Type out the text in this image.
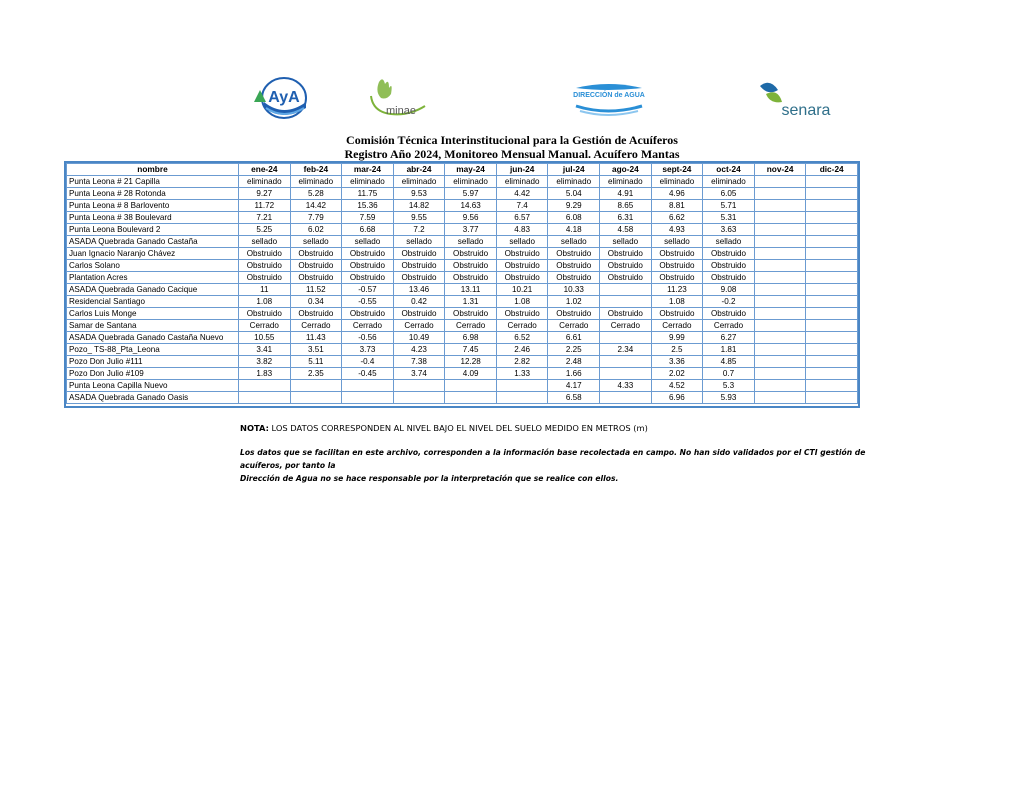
AyA
minae
DIRECCIÓN de AGUA
senara
Comisión Técnica Interinstitucional para la Gestión de Acuíferos
Registro Año 2024, Monitoreo Mensual Manual. Acuífero Mantas
nombre	ene-24	feb-24	mar-24	abr-24	may-24	jun-24	jul-24	ago-24	sept-24	oct-24	nov-24	dic-24
Punta Leona # 21 Capilla	eliminado	eliminado	eliminado	eliminado	eliminado	eliminado	eliminado	eliminado	eliminado	eliminado		
Punta Leona # 28 Rotonda	9.27	5.28	11.75	9.53	5.97	4.42	5.04	4.91	4.96	6.05		
Punta Leona # 8 Barlovento	11.72	14.42	15.36	14.82	14.63	7.4	9.29	8.65	8.81	5.71		
Punta Leona # 38 Boulevard	7.21	7.79	7.59	9.55	9.56	6.57	6.08	6.31	6.62	5.31		
Punta Leona Boulevard 2	5.25	6.02	6.68	7.2	3.77	4.83	4.18	4.58	4.93	3.63		
ASADA Quebrada Ganado Castaña	sellado	sellado	sellado	sellado	sellado	sellado	sellado	sellado	sellado	sellado		
Juan Ignacio Naranjo Chávez	Obstruido	Obstruido	Obstruido	Obstruido	Obstruido	Obstruido	Obstruido	Obstruido	Obstruido	Obstruido		
Carlos Solano	Obstruido	Obstruido	Obstruido	Obstruido	Obstruido	Obstruido	Obstruido	Obstruido	Obstruido	Obstruido		
Plantation Acres	Obstruido	Obstruido	Obstruido	Obstruido	Obstruido	Obstruido	Obstruido	Obstruido	Obstruido	Obstruido		
ASADA Quebrada Ganado Cacique	11	11.52	-0.57	13.46	13.11	10.21	10.33		11.23	9.08		
Residencial Santiago	1.08	0.34	-0.55	0.42	1.31	1.08	1.02		1.08	-0.2		
Carlos Luis Monge	Obstruido	Obstruido	Obstruido	Obstruido	Obstruido	Obstruido	Obstruido	Obstruido	Obstruido	Obstruido		
Samar de Santana	Cerrado	Cerrado	Cerrado	Cerrado	Cerrado	Cerrado	Cerrado	Cerrado	Cerrado	Cerrado		
ASADA Quebrada Ganado Castaña Nuevo	10.55	11.43	-0.56	10.49	6.98	6.52	6.61		9.99	6.27		
Pozo_ TS-88_Pta_Leona	3.41	3.51	3.73	4.23	7.45	2.46	2.25	2.34	2.5	1.81		
Pozo Don Julio #111	3.82	5.11	-0.4	7.38	12.28	2.82	2.48		3.36	4.85		
Pozo Don Julio #109	1.83	2.35	-0.45	3.74	4.09	1.33	1.66		2.02	0.7		
Punta Leona Capilla Nuevo							4.17	4.33	4.52	5.3		
ASADA Quebrada Ganado Oasis							6.58		6.96	5.93		
NOTA: LOS DATOS CORRESPONDEN AL NIVEL BAJO EL NIVEL DEL SUELO MEDIDO EN METROS (m)
Los datos que se facilitan en este archivo, corresponden a la información base recolectada en campo. No han sido validados por el CTI gestión de acuíferos, por tanto la
Dirección de Agua no se hace responsable por la interpretación que se realice con ellos.
